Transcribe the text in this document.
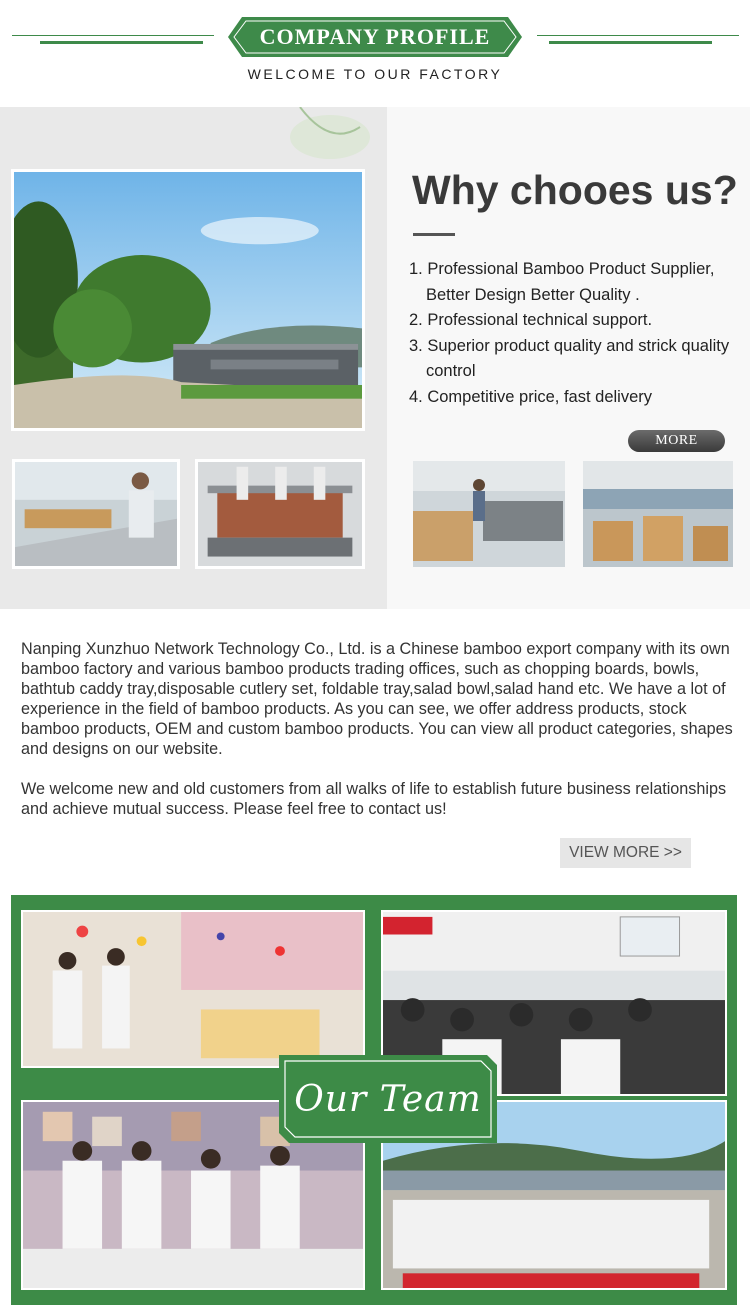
COMPANY PROFILE
WELCOME TO OUR FACTORY
Why chooes us?
1. Professional Bamboo Product Supplier, Better Design Better Quality .
2. Professional technical support.
3. Superior product quality and strick quality control
4. Competitive price, fast delivery
MORE

Nanping Xunzhuo Network Technology Co., Ltd. is a Chinese bamboo export company with its own bamboo factory and various bamboo products trading offices, such as chopping boards, bowls, bathtub caddy tray,disposable cutlery set, foldable tray,salad bowl,salad hand etc. We have a lot of experience in the field of bamboo products. As you can see, we offer address products, stock bamboo products, OEM and custom bamboo products. You can view all product categories, shapes and designs on our website.

We welcome new and old customers from all walks of life to establish future business relationships and achieve mutual success. Please feel free to contact us!

VIEW MORE >>
Our Team
